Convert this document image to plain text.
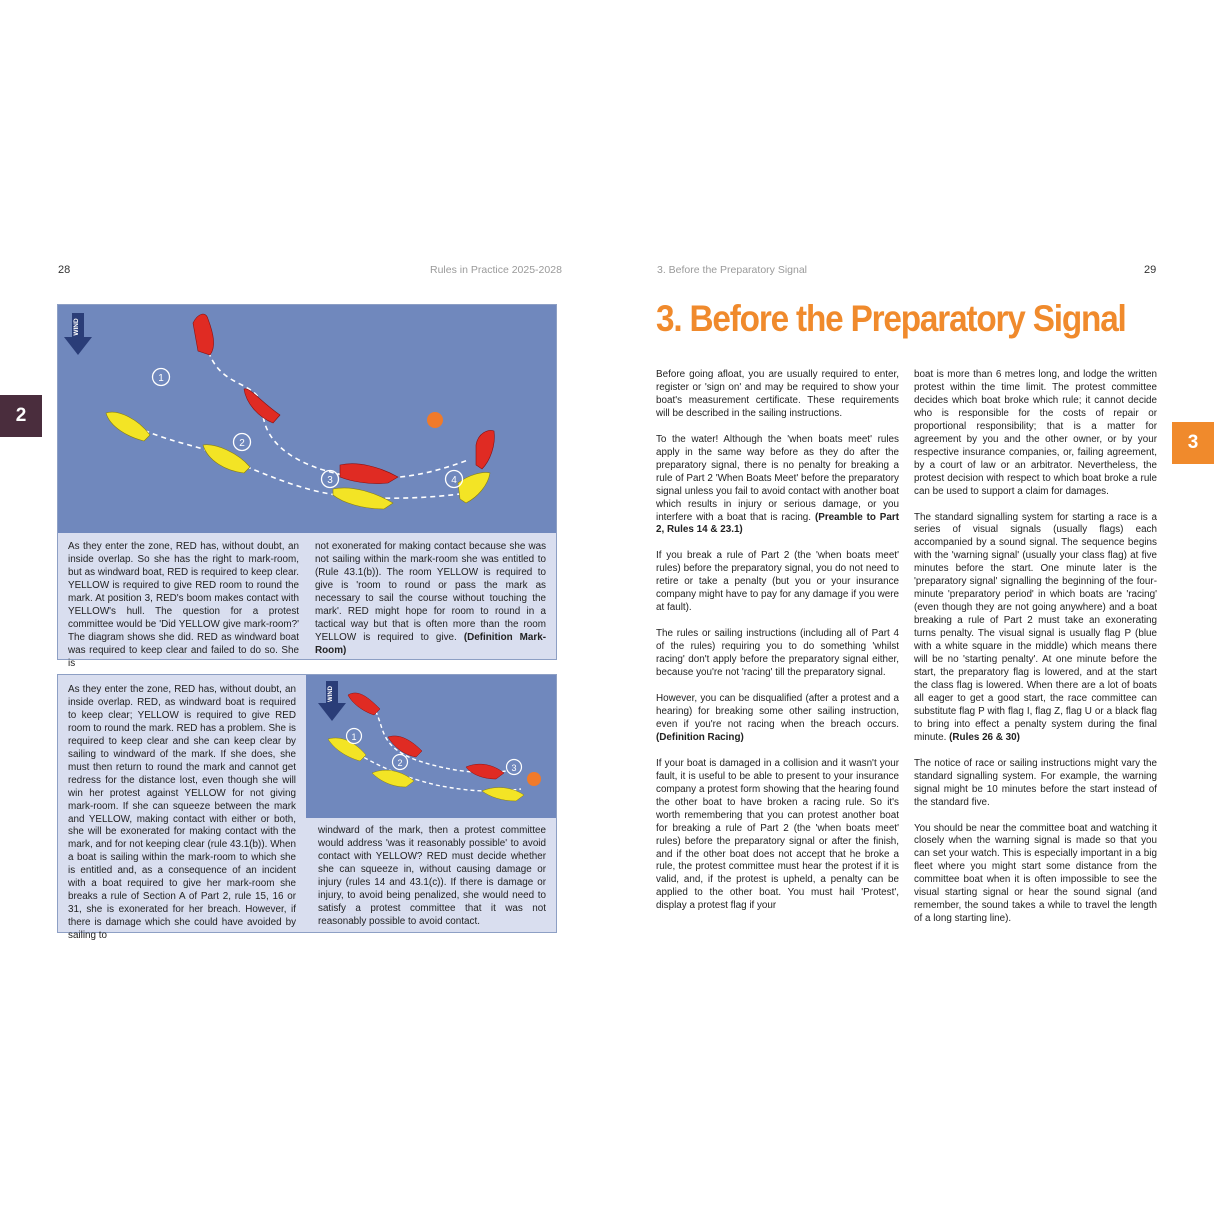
28	Rules in Practice 2025-2028	3. Before the Preparatory Signal	29
2
3
WIND
1
2
3	4

As they enter the zone, RED has, without doubt, an inside overlap. So she has the right to mark-room, but as windward boat, RED is required to keep clear. YELLOW is required to give RED room to round the mark. At position 3, RED's boom makes contact with YELLOW's hull. The question for a protest committee would be 'Did YELLOW give mark-room?' The diagram shows she did. RED as windward boat was required to keep clear and failed to do so. She is

not exonerated for making contact because she was not sailing within the mark-room she was entitled to (Rule 43.1(b)). The room YELLOW is required to give is 'room to round or pass the mark as necessary to sail the course without touching the mark'. RED might hope for room to round in a tactical way but that is often more than the room YELLOW is required to give. (Definition Mark-Room)

WIND
1
2	3

As they enter the zone, RED has, without doubt, an inside overlap. RED, as windward boat is required to keep clear; YELLOW is required to give RED room to round the mark. RED has a problem. She is required to keep clear and she can keep clear by sailing to windward of the mark. If she does, she must then return to round the mark and cannot get redress for the distance lost, even though she will win her protest against YELLOW for not giving mark-room. If she can squeeze between the mark and YELLOW, making contact with either or both, she will be exonerated for making contact with the mark, and for not keeping clear (rule 43.1(b)). When a boat is sailing within the mark-room to which she is entitled and, as a consequence of an incident with a boat required to give her mark-room she breaks a rule of Section A of Part 2, rule 15, 16 or 31, she is exonerated for her breach. However, if there is damage which she could have avoided by sailing to

windward of the mark, then a protest committee would address 'was it reasonably possible' to avoid contact with YELLOW? RED must decide whether she can squeeze in, without causing damage or injury (rules 14 and 43.1(c)). If there is damage or injury, to avoid being penalized, she would need to satisfy a protest committee that it was not reasonably possible to avoid contact.

3. Before the Preparatory Signal

Before going afloat, you are usually required to enter, register or 'sign on' and may be required to show your boat's measurement certificate. These requirements will be described in the sailing instructions.

To the water! Although the 'when boats meet' rules apply in the same way before as they do after the preparatory signal, there is no penalty for breaking a rule of Part 2 'When Boats Meet' before the preparatory signal unless you fail to avoid contact with another boat which results in injury or serious damage, or you interfere with a boat that is racing. (Preamble to Part 2, Rules 14 & 23.1)

If you break a rule of Part 2 (the 'when boats meet' rules) before the preparatory signal, you do not need to retire or take a penalty (but you or your insurance company might have to pay for any damage if you were at fault).

The rules or sailing instructions (including all of Part 4 of the rules) requiring you to do something 'whilst racing' don't apply before the preparatory signal either, because you're not 'racing' till the preparatory signal.

However, you can be disqualified (after a protest and a hearing) for breaking some other sailing instruction, even if you're not racing when the breach occurs. (Definition Racing)

If your boat is damaged in a collision and it wasn't your fault, it is useful to be able to present to your insurance company a protest form showing that the hearing found the other boat to have broken a racing rule. So it's worth remembering that you can protest another boat for breaking a rule of Part 2 (the 'when boats meet' rules) before the preparatory signal or after the finish, and if the other boat does not accept that he broke a rule, the protest committee must hear the protest if it is valid, and, if the protest is upheld, a penalty can be applied to the other boat. You must hail 'Protest', display a protest flag if your

boat is more than 6 metres long, and lodge the written protest within the time limit. The protest committee decides which boat broke which rule; it cannot decide who is responsible for the costs of repair or proportional responsibility; that is a matter for agreement by you and the other owner, or by your respective insurance companies, or, failing agreement, by a court of law or an arbitrator. Nevertheless, the protest decision with respect to which boat broke a rule can be used to support a claim for damages.

The standard signalling system for starting a race is a series of visual signals (usually flags) each accompanied by a sound signal. The sequence begins with the 'warning signal' (usually your class flag) at five minutes before the start. One minute later is the 'preparatory signal' signalling the beginning of the four-minute 'preparatory period' in which boats are 'racing' (even though they are not going anywhere) and a boat breaking a rule of Part 2 must take an exonerating turns penalty. The visual signal is usually flag P (blue with a white square in the middle) which means there will be no 'starting penalty'. At one minute before the start, the preparatory flag is lowered, and at the start the class flag is lowered. When there are a lot of boats all eager to get a good start, the race committee can substitute flag P with flag I, flag Z, flag U or a black flag to bring into effect a penalty system during the final minute. (Rules 26 & 30)

The notice of race or sailing instructions might vary the standard signalling system. For example, the warning signal might be 10 minutes before the start instead of the standard five.

You should be near the committee boat and watching it closely when the warning signal is made so that you can set your watch. This is especially important in a big fleet where you might start some distance from the committee boat when it is often impossible to see the visual starting signal or hear the sound signal (and remember, the sound takes a while to travel the length of a long starting line).
